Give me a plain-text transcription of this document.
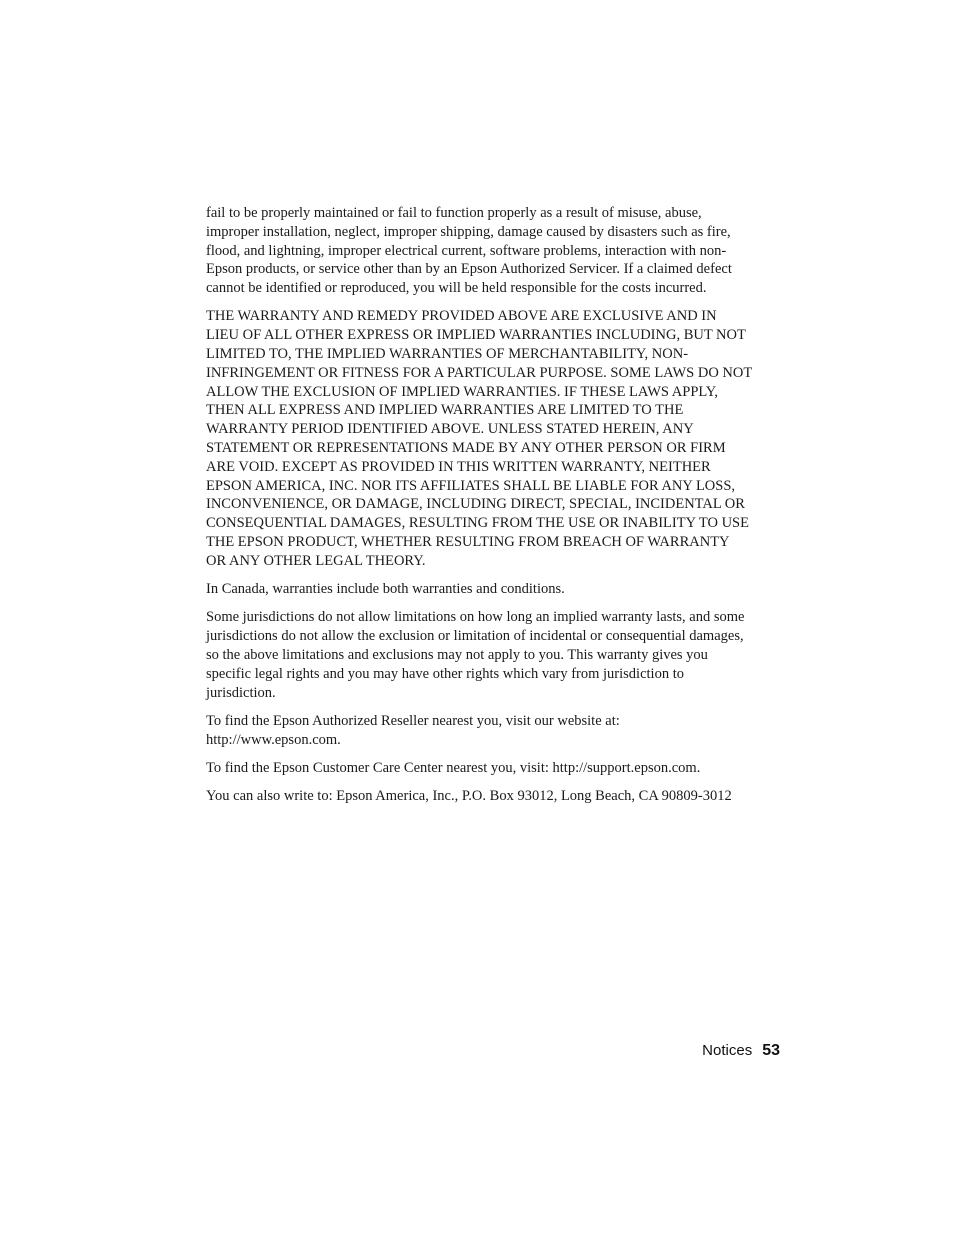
fail to be properly maintained or fail to function properly as a result of misuse, abuse, improper installation, neglect, improper shipping, damage caused by disasters such as fire, flood, and lightning, improper electrical current, software problems, interaction with non-Epson products, or service other than by an Epson Authorized Servicer. If a claimed defect cannot be identified or reproduced, you will be held responsible for the costs incurred.

THE WARRANTY AND REMEDY PROVIDED ABOVE ARE EXCLUSIVE AND IN LIEU OF ALL OTHER EXPRESS OR IMPLIED WARRANTIES INCLUDING, BUT NOT LIMITED TO, THE IMPLIED WARRANTIES OF MERCHANTABILITY, NON-INFRINGEMENT OR FITNESS FOR A PARTICULAR PURPOSE. SOME LAWS DO NOT ALLOW THE EXCLUSION OF IMPLIED WARRANTIES. IF THESE LAWS APPLY, THEN ALL EXPRESS AND IMPLIED WARRANTIES ARE LIMITED TO THE WARRANTY PERIOD IDENTIFIED ABOVE. UNLESS STATED HEREIN, ANY STATEMENT OR REPRESENTATIONS MADE BY ANY OTHER PERSON OR FIRM ARE VOID. EXCEPT AS PROVIDED IN THIS WRITTEN WARRANTY, NEITHER EPSON AMERICA, INC. NOR ITS AFFILIATES SHALL BE LIABLE FOR ANY LOSS, INCONVENIENCE, OR DAMAGE, INCLUDING DIRECT, SPECIAL, INCIDENTAL OR CONSEQUENTIAL DAMAGES, RESULTING FROM THE USE OR INABILITY TO USE THE EPSON PRODUCT, WHETHER RESULTING FROM BREACH OF WARRANTY OR ANY OTHER LEGAL THEORY.

In Canada, warranties include both warranties and conditions.

Some jurisdictions do not allow limitations on how long an implied warranty lasts, and some jurisdictions do not allow the exclusion or limitation of incidental or consequential damages, so the above limitations and exclusions may not apply to you. This warranty gives you specific legal rights and you may have other rights which vary from jurisdiction to jurisdiction.

To find the Epson Authorized Reseller nearest you, visit our website at: http://www.epson.com.

To find the Epson Customer Care Center nearest you, visit: http://support.epson.com.

You can also write to: Epson America, Inc., P.O. Box 93012, Long Beach, CA 90809-3012

Notices 53
